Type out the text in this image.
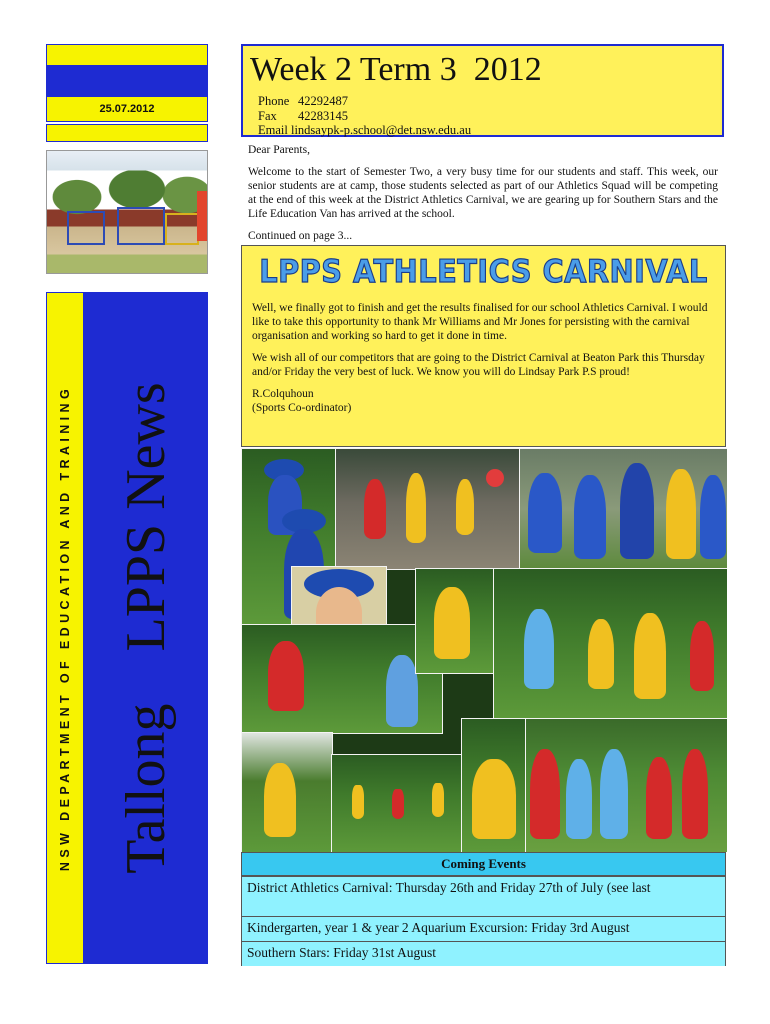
25.07.2012
NSW DEPARTMENT OF EDUCATION AND TRAINING TallongLPPS News
Week 2 Term 3  2012
Phone 42292487
Fax 42283145
Email lindsaypk-p.school@det.nsw.edu.au

Dear Parents,

Welcome to the start of Semester Two, a very busy time for our students and staff. This week, our senior students are at camp, those students selected as part of our Athletics Squad will be competing at the end of this week at the District Athletics Carnival, we are gearing up for Southern Stars and the Life Education Van has arrived at the school.

Continued on page 3...

LPPS ATHLETICS CARNIVAL

Well, we finally got to finish and get the results finalised for our school Athletics Carnival. I would like to take this opportunity to thank Mr Williams and Mr Jones for persisting with the carnival organisation and working so hard to get it done in time.

We wish all of our competitors that are going to the District Carnival at Beaton Park this Thursday and/or Friday the very best of luck. We know you will do Lindsay Park P.S proud!

R.Colquhoun

(Sports Co-ordinator)

Coming Events
District Athletics Carnival: Thursday 26th and Friday 27th of July (see last
Kindergarten, year 1 & year 2 Aquarium Excursion: Friday 3rd August
Southern Stars: Friday 31st August
